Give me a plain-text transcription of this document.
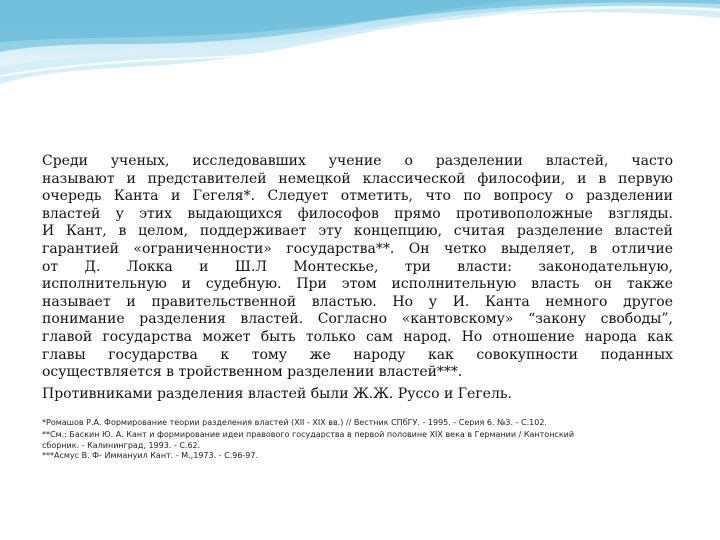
Среди ученых, исследовавших учение о разделении властей, часто
называют и представителей немецкой классической философии, и в первую
очередь Канта и Гегеля*. Следует отметить, что по вопросу о разделении
властей у этих выдающихся философов прямо противоположные взгляды.
И Кант, в целом, поддерживает эту концепцию, считая разделение властей
гарантией «ограниченности» государства**. Он четко выделяет, в отличие
от Д. Локка и Ш.Л Монтескье, три власти: законодательную,
исполнительную и судебную. При этом исполнительную власть он также
называет и правительственной властью. Но у И. Канта немного другое
понимание разделения властей. Согласно «кантовскому» “закону свободы”,
главой государства может быть только сам народ. Но отношение народа как
главы государства к тому же народу как совокупности поданных
осуществляется в тройственном разделении властей***.
Противниками разделения властей были Ж.Ж. Руссо и Гегель.
*Ромашов Р.А. Формирование теории разделения властей (XII - XIX вв.) // Вестник СПбГУ. - 1995. - Серия 6. №3. - С.102.
**См.: Баскин Ю. А. Кант и формирование идеи правового государства в первой половине XIX века в Германии / Кантонский
сборник. - Калининград, 1993. - С.62.
***Асмус В. Ф- Иммануил Кант. - М.,1973. - С.96-97.
